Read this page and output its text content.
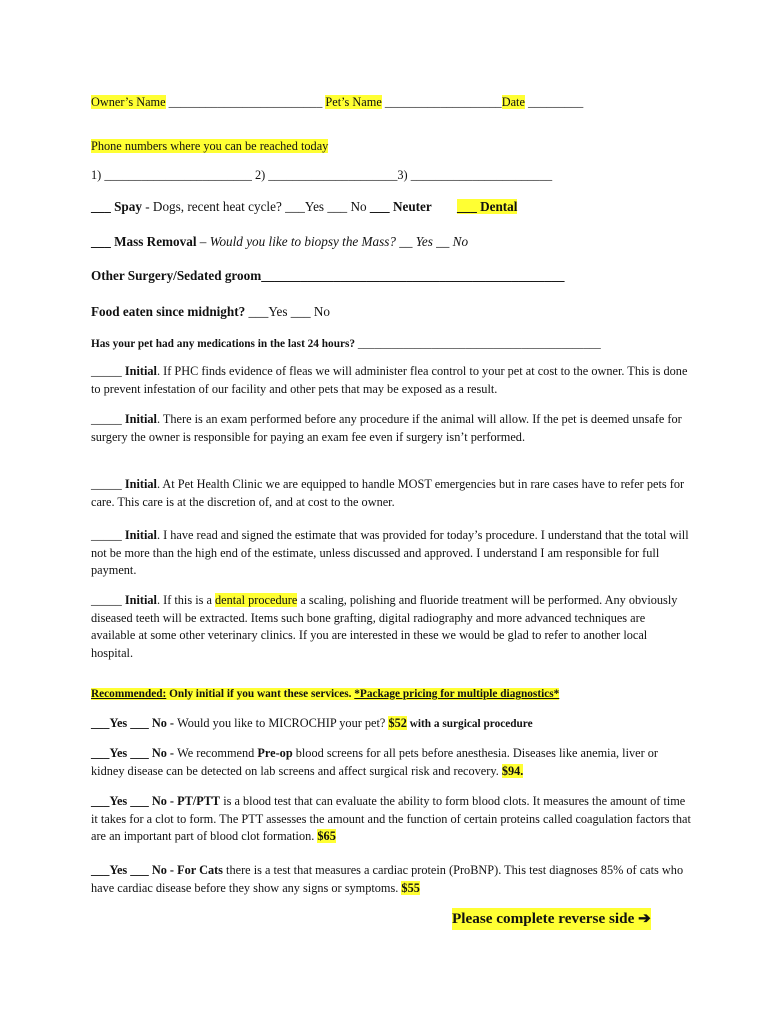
Owner’s Name _________________________ Pet’s Name ___________________Date _________
Phone numbers where you can be reached today
1) ________________________ 2) _____________________3) _______________________
___ Spay - Dogs, recent heat cycle? ___Yes ___ No ___ Neuter ___ Dental
___ Mass Removal – Would you like to biopsy the Mass? __ Yes __ No
Other Surgery/Sedated groom______________________________________________
Food eaten since midnight? ___Yes ___ No
Has your pet had any medications in the last 24 hours? ___________________________________________
_____ Initial. If PHC finds evidence of fleas we will administer flea control to your pet at cost to the owner. This is done to prevent infestation of our facility and other pets that may be exposed as a result.
_____ Initial. There is an exam performed before any procedure if the animal will allow. If the pet is deemed unsafe for surgery the owner is responsible for paying an exam fee even if surgery isn’t performed.
_____ Initial. At Pet Health Clinic we are equipped to handle MOST emergencies but in rare cases have to refer pets for care. This care is at the discretion of, and at cost to the owner.
_____ Initial. I have read and signed the estimate that was provided for today’s procedure. I understand that the total will not be more than the high end of the estimate, unless discussed and approved. I understand I am responsible for full payment.
_____ Initial. If this is a dental procedure a scaling, polishing and fluoride treatment will be performed. Any obviously diseased teeth will be extracted. Items such bone grafting, digital radiography and more advanced techniques are available at some other veterinary clinics. If you are interested in these we would be glad to refer to another local hospital.
Recommended: Only initial if you want these services. *Package pricing for multiple diagnostics*
___Yes ___ No - Would you like to MICROCHIP your pet? $52 with a surgical procedure
___Yes ___ No - We recommend Pre-op blood screens for all pets before anesthesia. Diseases like anemia, liver or kidney disease can be detected on lab screens and affect surgical risk and recovery. $94.
___Yes ___ No - PT/PTT is a blood test that can evaluate the ability to form blood clots. It measures the amount of time it takes for a clot to form. The PTT assesses the amount and the function of certain proteins called coagulation factors that are an important part of blood clot formation. $65
___Yes ___ No - For Cats there is a test that measures a cardiac protein (ProBNP). This test diagnoses 85% of cats who have cardiac disease before they show any signs or symptoms. $55
Please complete reverse side ➔
